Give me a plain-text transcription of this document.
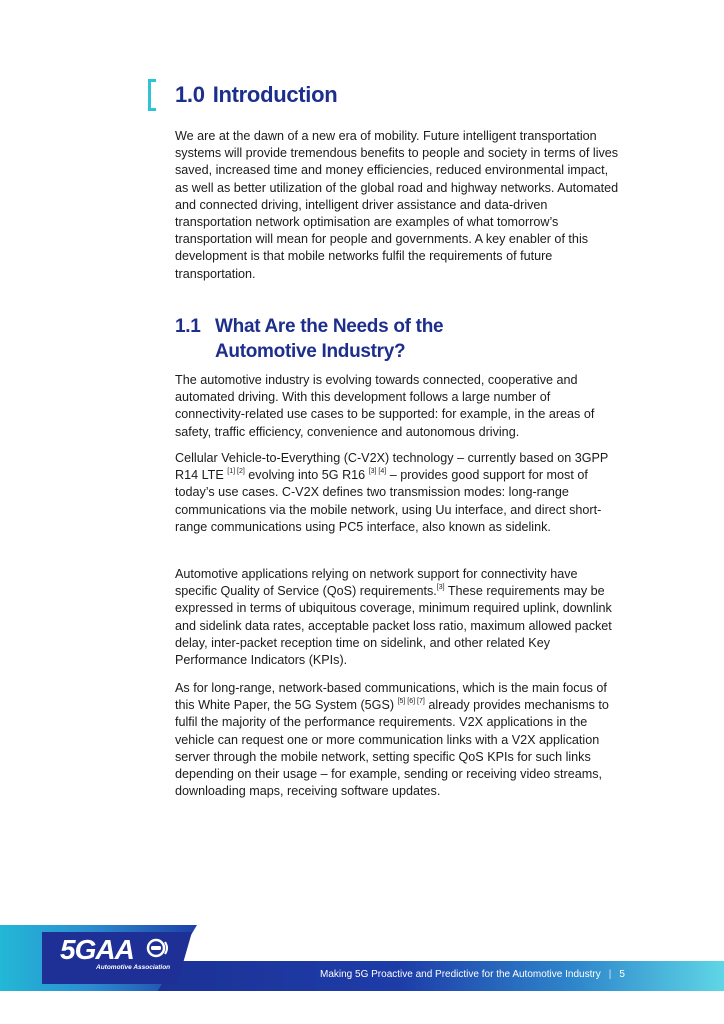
1.0 Introduction

We are at the dawn of a new era of mobility. Future intelligent transportation systems will provide tremendous benefits to people and society in terms of lives saved, increased time and money efficiencies, reduced environmental impact, as well as better utilization of the global road and highway networks. Automated and connected driving, intelligent driver assistance and data-driven transportation network optimisation are examples of what tomorrow’s transportation will mean for people and governments. A key enabler of this development is that mobile networks fulfil the requirements of future transportation.

1.1 What Are the Needs of the
Automotive Industry?

The automotive industry is evolving towards connected, cooperative and automated driving. With this development follows a large number of connectivity-related use cases to be supported: for example, in the areas of safety, traffic efficiency, convenience and autonomous driving.

Cellular Vehicle-to-Everything (C-V2X) technology – currently based on 3GPP R14 LTE [1] [2] evolving into 5G R16 [3] [4] – provides good support for most of today’s use cases. C-V2X defines two transmission modes: long-range communications via the mobile network, using Uu interface, and direct short-range communications using PC5 interface, also known as sidelink.

Automotive applications relying on network support for connectivity have specific Quality of Service (QoS) requirements.[3] These requirements may be expressed in terms of ubiquitous coverage, minimum required uplink, downlink and sidelink data rates, acceptable packet loss ratio, maximum allowed packet delay, inter-packet reception time on sidelink, and other related Key Performance Indicators (KPIs).

As for long-range, network-based communications, which is the main focus of this White Paper, the 5G System (5GS) [5] [6] [7] already provides mechanisms to fulfil the majority of the performance requirements. V2X applications in the vehicle can request one or more communication links with a V2X application server through the mobile network, setting specific QoS KPIs for such links depending on their usage – for example, sending or receiving video streams, downloading maps, receiving software updates.

5GAA
Automotive Association
Making 5G Proactive and Predictive for the Automotive Industry | 5
